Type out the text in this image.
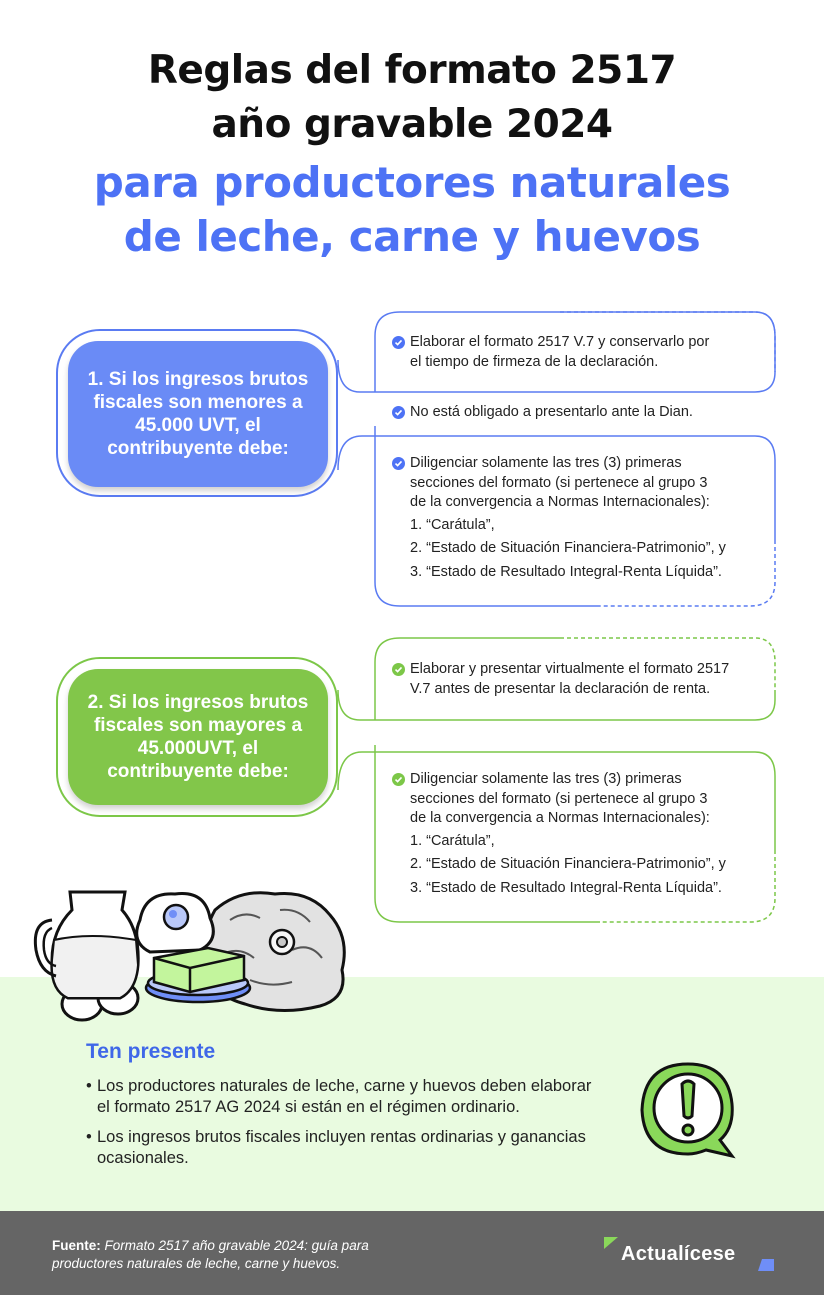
Reglas del formato 2517
año gravable 2024
para productores naturales
de leche, carne y huevos
1. Si los ingresos brutos fiscales son menores a 45.000 UVT, el contribuyente debe:
Elaborar el formato 2517 V.7 y conservarlo por
el tiempo de firmeza de la declaración.
No está obligado a presentarlo ante la Dian.
Diligenciar solamente las tres (3) primeras
secciones del formato (si pertenece al grupo 3
de la convergencia a Normas Internacionales):
1. “Carátula”,
2. “Estado de Situación Financiera-Patrimonio”, y
3. “Estado de Resultado Integral-Renta Líquida”.
2. Si los ingresos brutos fiscales son mayores a 45.000UVT, el contribuyente debe:
Elaborar y presentar virtualmente el formato 2517
V.7 antes de presentar la declaración de renta.
Diligenciar solamente las tres (3) primeras
secciones del formato (si pertenece al grupo 3
de la convergencia a Normas Internacionales):
1. “Carátula”,
2. “Estado de Situación Financiera-Patrimonio”, y
3. “Estado de Resultado Integral-Renta Líquida”.
Ten presente
• Los productores naturales de leche, carne y huevos deben elaborar
el formato 2517 AG 2024 si están en el régimen ordinario.
• Los ingresos brutos fiscales incluyen rentas ordinarias y ganancias
ocasionales.
Fuente: Formato 2517 año gravable 2024: guía para
productores naturales de leche, carne y huevos.	Actualícese
